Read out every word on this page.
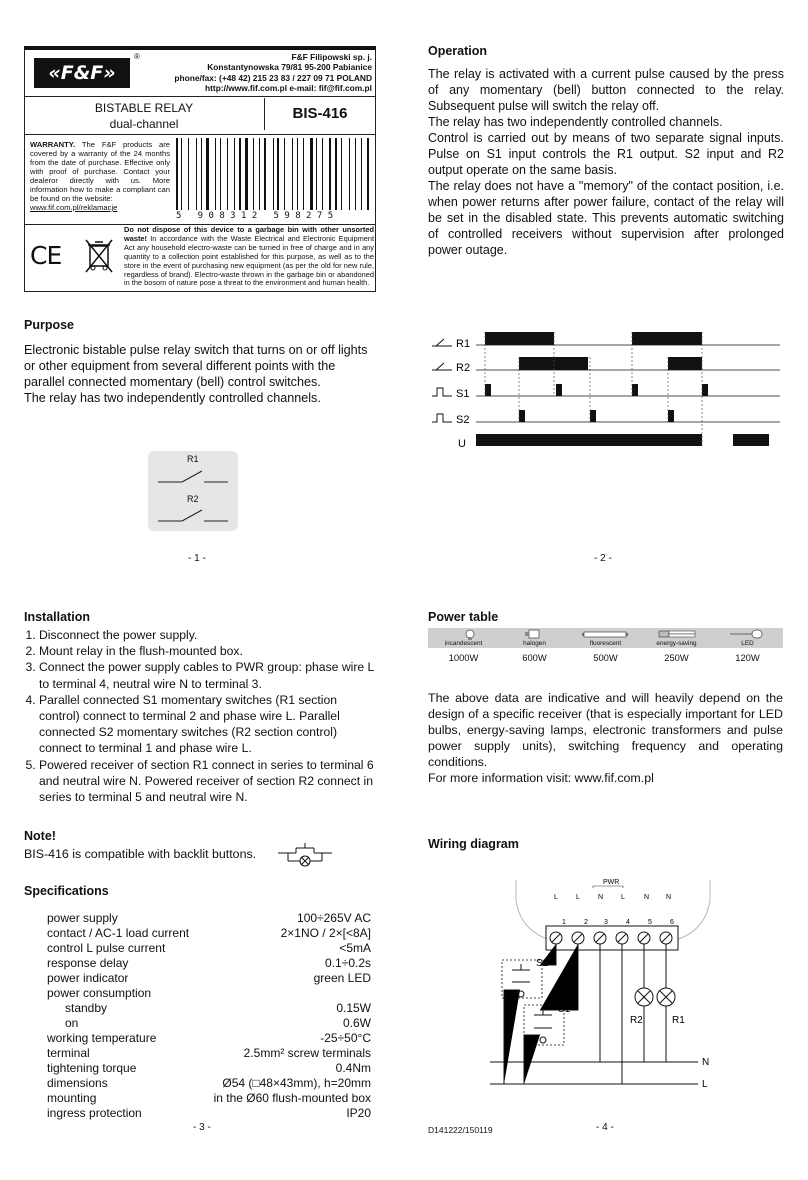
«F&F»
®	F&F Filipowski sp. j.
Konstantynowska 79/81 95-200 Pabianice
phone/fax: (+48 42) 215 23 83 / 227 09 71 POLAND
http://www.fif.com.pl e-mail: fif@fif.com.pl
BISTABLE RELAY
dual-channel
BIS-416
WARRANTY. The F&F products are covered by a warranty of the 24 months from the date of purchase. Effective only with proof of purchase. Contact your dealeror directly with us. More information how to make a compliant can be found on the website:
www.fif.com.pl/reklamacje
5   9 0 8 3 1 2   5 9 8 2 7 5
CE
Do not dispose of this device to a garbage bin with other unsorted waste! In accordance with the Waste Electrical and Electronic Equipment Act any household electro-waste can be turned in free of charge and in any quantity to a collection point established for this purpose, as well as to the store in the event of purchasing new equipment (as per the old for new rule, regardless of brand). Electro-waste thrown in the garbage bin or abandoned in the bosom of nature pose a threat to the environment and human health.
Purpose
Electronic bistable pulse relay switch that turns on or off lights or other equipment from several different points with the parallel connected momentary (bell) control switches.
The relay has two independently controlled channels.
R1
R2
- 1 -
Operation
The relay is activated with a current pulse caused by the press of any momentary (bell) button connected to the relay. Subsequent pulse will switch the relay off.
The relay has two independently controlled channels.
Control is carried out by means of two separate signal inputs. Pulse on S1 input controls the R1 output. S2 input and R2 output operate on the same basis.
The relay does not have a "memory" of the contact position, i.e. when power returns after power failure, contact of the relay will be set in the disabled state. This prevents automatic switching of controlled receivers without supervision after prolonged power outage.
R1
R2
S1
S2
U
- 2 -
Installation
1. Disconnect the power supply.
2. Mount relay in the flush-mounted box.
3. Connect the power supply cables to PWR group: phase wire L to terminal 4, neutral wire N to terminal 3.
4. Parallel connected S1 momentary switches (R1 section control) connect to terminal 2 and phase wire L. Parallel connected S2 momentary switches (R2 section control) connect to terminal 1 and phase wire L.
5. Powered receiver of section R1 connect in series to terminal 6 and neutral wire N. Powered receiver of section R2 connect in series to terminal 5 and neutral wire N.
Note!
BIS-416 is compatible with backlit buttons.
Specifications
power supply	100÷265V AC
contact / AC-1 load current	2×1NO / 2×[<8A]
control L pulse current	<5mA
response delay	0.1÷0.2s
power indicator	green LED
power consumption
standby	0.15W
on	0.6W
working temperature	-25÷50°C
terminal	2.5mm² screw terminals
tightening torque	0.4Nm
dimensions	Ø54 (□48×43mm), h=20mm
mounting	in the Ø60 flush-mounted box
ingress protection	IP20
- 3 -
Power table
incandescent	halogen	fluorescent	energy-saving	LED
1000W	600W	500W	250W	120W
The above data are indicative and will heavily depend on the design of a specific receiver (that is especially important for LED bulbs, energy-saving lamps, electronic transformers and pulse power supply units), switching frequency and operating conditions.
For more information visit: www.fif.com.pl
Wiring diagram
PWR
L	L	N	L	N N
1	2 3	4	5	6
S2
S1
R2	R1
N
L
D141222/150119	- 4 -
